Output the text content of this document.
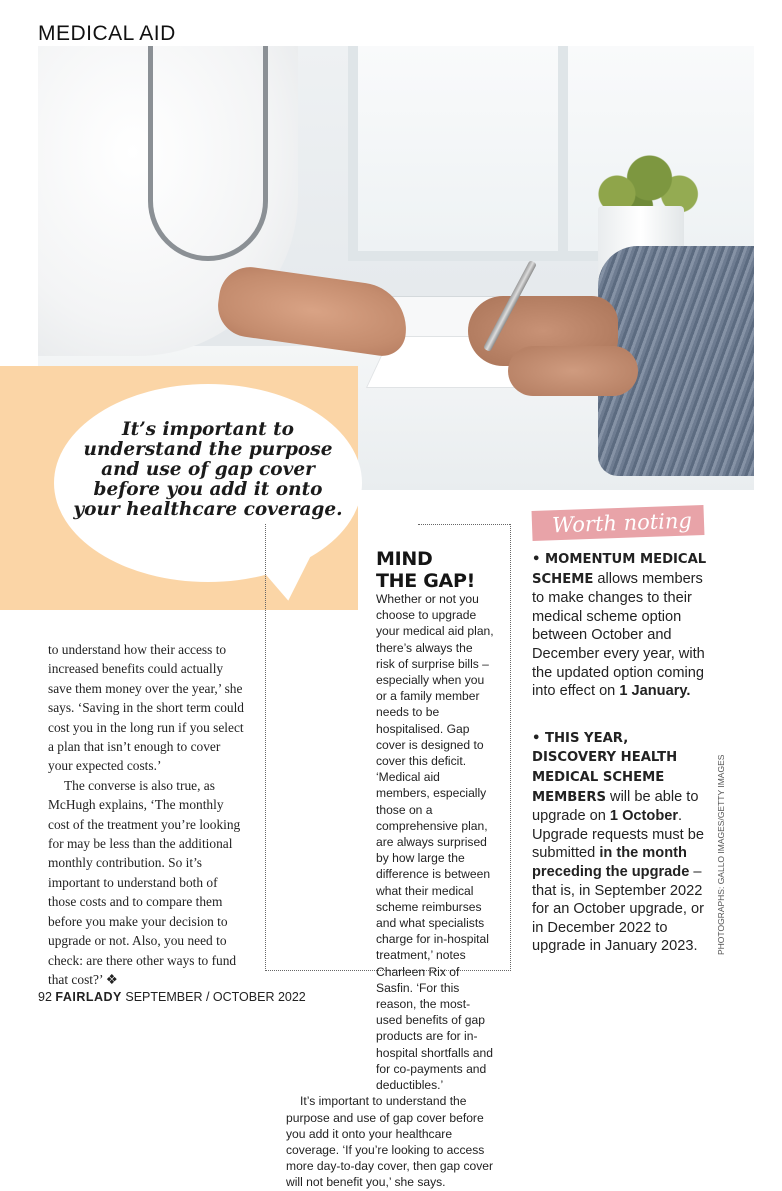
MEDICAL AID
It’s important to understand the purpose and use of gap cover before you add it onto your healthcare coverage.

to understand how their access to increased benefits could actually save them money over the year,’ she says. ‘Saving in the short term could cost you in the long run if you select a plan that isn’t enough to cover your expected costs.’

The converse is also true, as McHugh explains, ‘The monthly cost of the treatment you’re looking for may be less than the additional monthly contribution. So it’s important to understand both of those costs and to compare them before you make your decision to upgrade or not. Also, you need to check: are there other ways to fund that cost?’ ❖

MIND
THE GAP!

Whether or not you choose to upgrade your medical aid plan, there’s always the risk of surprise bills – especially when you or a family member needs to be hospitalised. Gap cover is designed to cover this deficit. ‘Medical aid members, especially those on a comprehensive plan, are always surprised by how large the difference is between what their medical scheme reimburses and what specialists charge for in-hospital treatment,’ notes Charleen Rix of Sasfin. ‘For this reason, the most-used benefits of gap products are for in-hospital shortfalls and for co-payments and deductibles.’

It’s important to understand the purpose and use of gap cover before you add it onto your healthcare coverage. ‘If you’re looking to access more day-to-day cover, then gap cover will not benefit you,’ she says.

Worth noting

• MOMENTUM MEDICAL SCHEME allows members to make changes to their medical scheme option between October and December every year, with the updated option coming into effect on 1 January.

• THIS YEAR, DISCOVERY HEALTH MEDICAL SCHEME MEMBERS will be able to upgrade on 1 October. Upgrade requests must be submitted in the month preceding the upgrade – that is, in September 2022 for an October upgrade, or in December 2022 to upgrade in January 2023.	PHOTOGRAPHS: GALLO IMAGES/GETTY IMAGES
92 FAIRLADY SEPTEMBER / OCTOBER 2022
